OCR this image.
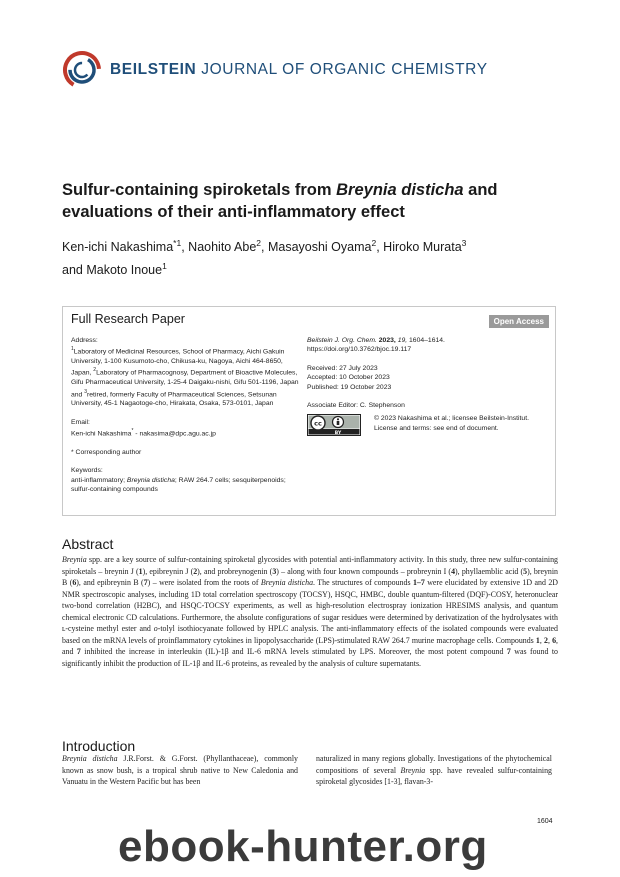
BEILSTEIN JOURNAL OF ORGANIC CHEMISTRY
Sulfur-containing spiroketals from Breynia disticha and evaluations of their anti-inflammatory effect
Ken-ichi Nakashima$^{*1}$, Naohito Abe$^2$, Masayoshi Oyama$^2$, Hiroko Murata$^3$
and Makoto Inoue$^1$
Full Research Paper	Open Access

Address:

$^1$Laboratory of Medicinal Resources, School of Pharmacy, Aichi Gakuin University, 1-100 Kusumoto-cho, Chikusa-ku, Nagoya, Aichi 464-8650, Japan, $^2$Laboratory of Pharmacognosy, Department of Bioactive Molecules, Gifu Pharmaceutical University, 1-25-4 Daigaku-nishi, Gifu 501-1196, Japan and $^3$retired, formerly Faculty of Pharmaceutical Sciences, Setsunan University, 45-1 Nagaotoge-cho, Hirakata, Osaka, 573-0101, Japan

Email:

Ken-ichi Nakashima* - nakasima@dpc.agu.ac.jp

* Corresponding author

Keywords:

anti-inflammatory; Breynia disticha; RAW 264.7 cells; sesquiterpenoids; sulfur-containing compounds

Beilstein J. Org. Chem. 2023, 19, 1604–1614.

https://doi.org/10.3762/bjoc.19.117

Received: 27 July 2023

Accepted: 10 October 2023

Published: 19 October 2023

Associate Editor: C. Stephenson

cc
BY

© 2023 Nakashima et al.; licensee Beilstein-Institut.

License and terms: see end of document.

Abstract

Breynia spp. are a key source of sulfur-containing spiroketal glycosides with potential anti-inflammatory activity. In this study, three new sulfur-containing spiroketals – breynin J (1), epibreynin J (2), and probreynogenin (3) – along with four known compounds – probreynin I (4), phyllaemblic acid (5), breynin B (6), and epibreynin B (7) – were isolated from the roots of Breynia disticha. The structures of compounds 1–7 were elucidated by extensive 1D and 2D NMR spectroscopic analyses, including 1D total correlation spectroscopy (TOCSY), HSQC, HMBC, double quantum-filtered (DQF)-COSY, heteronuclear two-bond correlation (H2BC), and HSQC-TOCSY experiments, as well as high-resolution electrospray ionization HRESIMS analysis, and quantum chemical electronic CD calculations. Furthermore, the absolute configurations of sugar residues were determined by derivatization of the hydrolysates with ʟ-cysteine methyl ester and o-tolyl isothiocyanate followed by HPLC analysis. The anti-inflammatory effects of the isolated compounds were evaluated based on the mRNA levels of proinflammatory cytokines in lipopolysaccharide (LPS)-stimulated RAW 264.7 murine macrophage cells. Compounds 1, 2, 6, and 7 inhibited the increase in interleukin (IL)-1β and IL-6 mRNA levels stimulated by LPS. Moreover, the most potent compound 7 was found to significantly inhibit the production of IL-1β and IL-6 proteins, as revealed by the analysis of culture supernatants.

Introduction

Breynia disticha J.R.Forst. & G.Forst. (Phyllanthaceae), commonly known as snow bush, is a tropical shrub native to New Caledonia and Vanuatu in the Western Pacific but has been

naturalized in many regions globally. Investigations of the phytochemical compositions of several Breynia spp. have revealed sulfur-containing spiroketal glycosides [1-3], flavan-3-

1604
ebook-hunter.org
